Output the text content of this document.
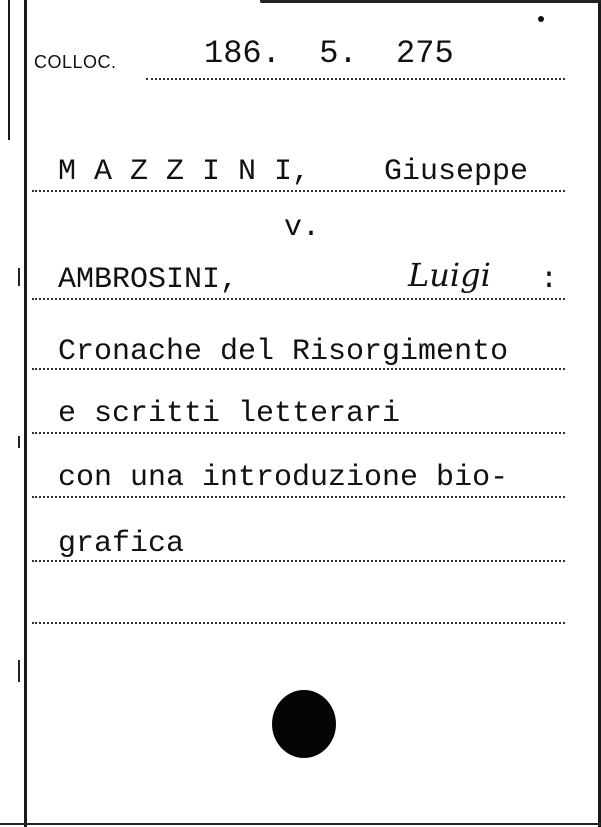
COLLOC.	186.  5.  275
M A Z Z I N I, Giuseppe
v.
AMBROSINI,	Luigi :
Cronache del Risorgimento
e scritti letterari
con una introduzione bio-
grafica
